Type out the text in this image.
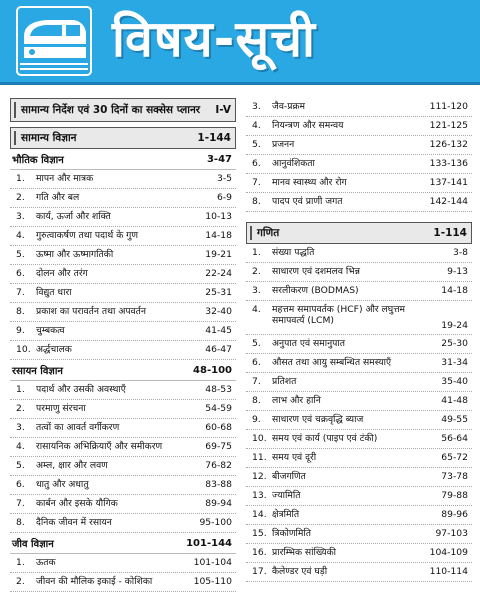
विषय-सूची
सामान्य निर्देश एवं 30 दिनों का सक्सेस प्लानर I-V
सामान्य विज्ञान	1-144
भौतिक विज्ञान	3-47
1.	मापन और मात्रक	3-5
2.	गति और बल	6-9
3.	कार्य, ऊर्जा और शक्ति	10-13
4.	गुरुत्वाकर्षण तथा पदार्थ के गुण	14-18
5.	ऊष्मा और ऊष्मागतिकी	19-21
6.	दोलन और तरंग	22-24
7.	विद्युत धारा	25-31
8.	प्रकाश का परावर्तन तथा अपवर्तन	32-40
9.	चुम्बकत्व	41-45
10. अर्द्धचालक	46-47
रसायन विज्ञान	48-100
1.	पदार्थ और उसकी अवस्थाएँ	48-53
2.	परमाणु संरचना	54-59
3.	तत्वों का आवर्त वर्गीकरण	60-68
4.	रासायनिक अभिक्रियाएँ और समीकरण	69-75
5.	अम्ल, क्षार और लवण	76-82
6.	धातु और अधातु	83-88
7.	कार्बन और इसके यौगिक	89-94
8.	दैनिक जीवन में रसायन	95-100
जीव विज्ञान	101-144
1.	ऊतक	101-104
2.	जीवन की मौलिक इकाई - कोशिका	105-110
3.	जैव-प्रक्रम	111-120
4.	नियन्त्रण और समन्वय	121-125
5.	प्रजनन	126-132
6.	आनुवंशिकता	133-136
7.	मानव स्वास्थ्य और रोग	137-141
8.	पादप एवं प्राणी जगत	142-144
गणित	1-114
1.	संख्या पद्धति	3-8
2.	साधारण एवं दशमलव भिन्न	9-13
3.	सरलीकरण (BODMAS)	14-18
4.	महत्तम समापवर्तक (HCF) और लघुत्तम समापवर्त्य (LCM)	19-24
5.	अनुपात एवं समानुपात	25-30
6.	औसत तथा आयु सम्बन्धित समस्याएँ	31-34
7.	प्रतिशत	35-40
8.	लाभ और हानि	41-48
9.	साधारण एवं चक्रवृद्धि ब्याज	49-55
10. समय एवं कार्य (पाइप एवं टंकी)	56-64
11. समय एवं दूरी	65-72
12. बीजगणित	73-78
13. ज्यामिति	79-88
14. क्षेत्रमिति	89-96
15. त्रिकोणमिति	97-103
16. प्रारम्भिक सांख्यिकी	104-109
17. कैलेण्डर एवं घड़ी	110-114
